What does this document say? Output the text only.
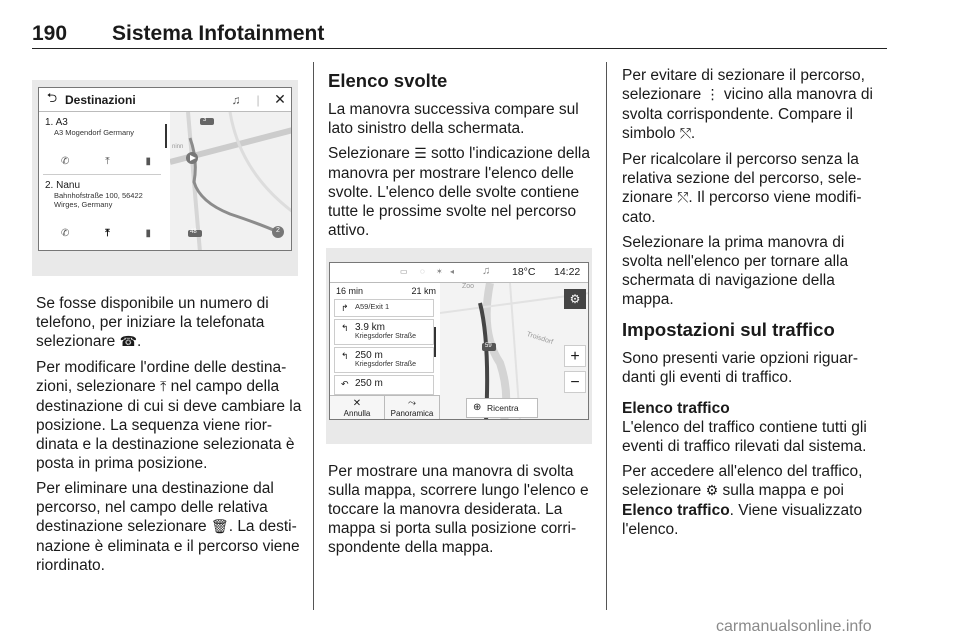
190	Sistema Infotainment
⮌ Destinazioni	♫	|	✕
1. A3
A3 Mogendorf Germany
✆	⤒	▮
2. Nanu
Bahnhofstraße 100, 56422
Wirges, Germany
✆	⤒	▮
3
48	2
ninn

Se fosse disponibile un numero di telefono, per iniziare la telefonata selezionare ☎.

Per modificare l'ordine delle destina-zioni, selezionare ⤒ nel campo della destinazione di cui si deve cambiare la posizione. La sequenza viene rior-dinata e la destinazione selezionata è posta in prima posizione.

Per eliminare una destinazione dal percorso, nel campo delle relativa destinazione selezionare 🗑. La desti-nazione è eliminata e il percorso viene riordinato.

Elenco svolte

La manovra successiva compare sul lato sinistro della schermata.

Selezionare ☰ sotto l'indicazione della manovra per mostrare l'elenco delle svolte. L'elenco delle svolte contiene tutte le prossime svolte nel percorso attivo.

▭ ◌ ✶ ◂	♫ 18°C 14:22
16 min	21 km
↱ A59/Exit 1
↰ 3.9 km
Kriegsdorfer Straße
↰ 250 m
Kriegsdorfer Straße
↶ 250 m
Zoo
59	Troisdorf
⚙
+
−
✕
Annulla
⤳
Panoramica
⊕ Ricentra

Per mostrare una manovra di svolta sulla mappa, scorrere lungo l'elenco e toccare la manovra desiderata. La mappa si porta sulla posizione corri-spondente della mappa.

Per evitare di sezionare il percorso, selezionare ⋮ vicino alla manovra di svolta corrispondente. Compare il simbolo ⤲.

Per ricalcolare il percorso senza la relativa sezione del percorso, sele-zionare ⤲. Il percorso viene modifi-cato.

Selezionare la prima manovra di svolta nell'elenco per tornare alla schermata di navigazione della mappa.

Impostazioni sul traffico

Sono presenti varie opzioni riguar-danti gli eventi di traffico.

Elenco traffico

L'elenco del traffico contiene tutti gli eventi di traffico rilevati dal sistema.

Per accedere all'elenco del traffico, selezionare ⚙ sulla mappa e poi Elenco traffico. Viene visualizzato l'elenco.

carmanualsonline.info
